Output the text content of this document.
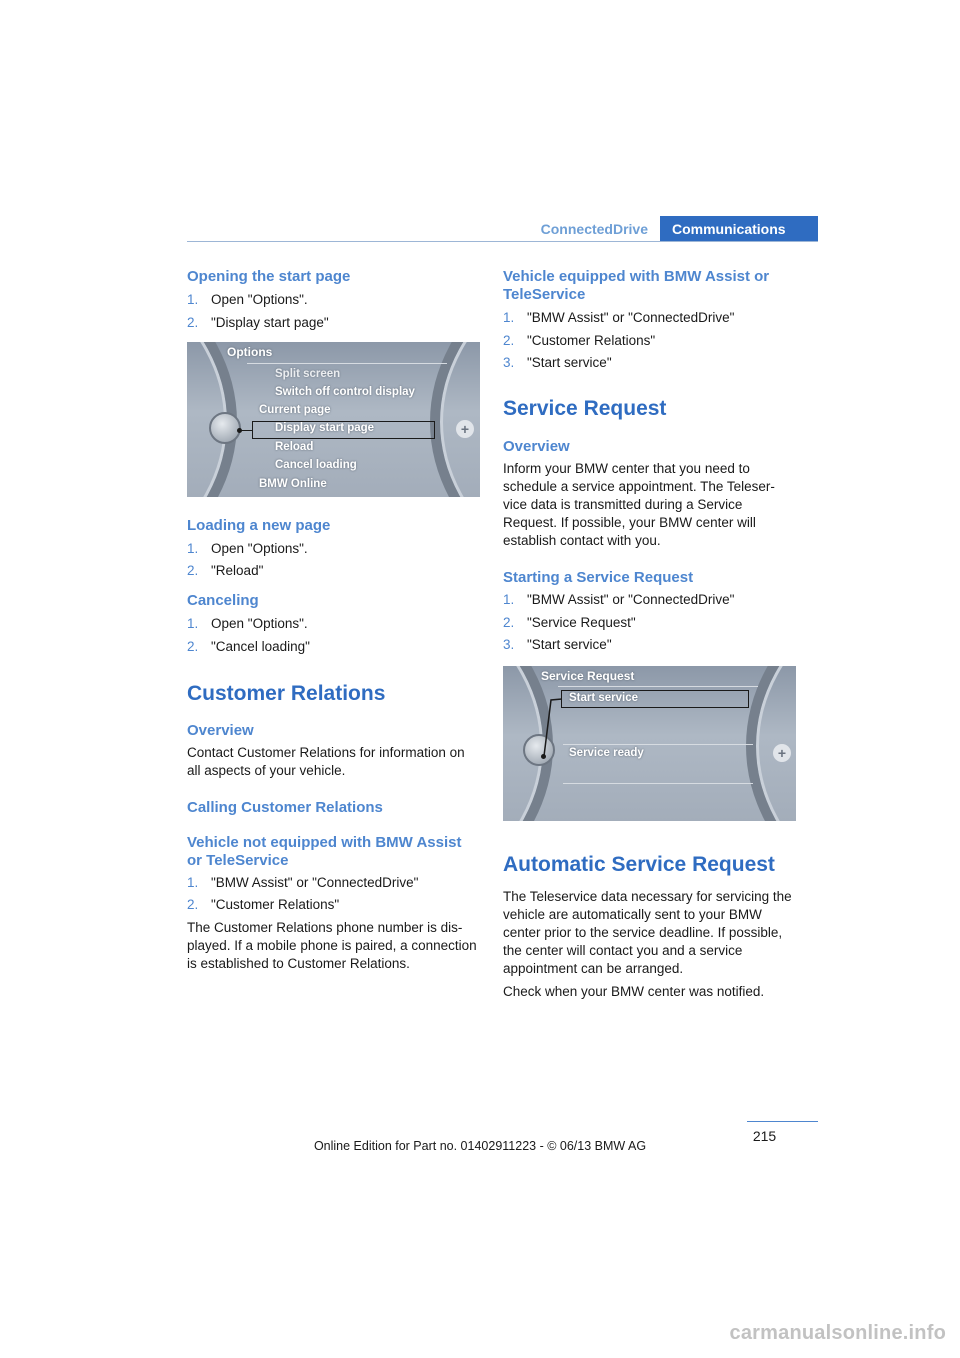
ConnectedDrive	Communications
Opening the start page
1. Open "Options".
2. "Display start page"
+
Options
Split screen
Switch off control display
Current page
Display start page
Reload
Cancel loading
BMW Online
Loading a new page
1. Open "Options".
2. "Reload"
Canceling
1. Open "Options".
2. "Cancel loading"
Customer Relations
Overview

Contact Customer Relations for information on all aspects of your vehicle.

Calling Customer Relations
Vehicle not equipped with BMW Assist or TeleService
1. "BMW Assist" or "ConnectedDrive"
2. "Customer Relations"

The Customer Relations phone number is dis-played. If a mobile phone is paired, a connection is established to Customer Relations.

Vehicle equipped with BMW Assist or TeleService
1. "BMW Assist" or "ConnectedDrive"
2. "Customer Relations"
3. "Start service"
Service Request
Overview

Inform your BMW center that you need to schedule a service appointment. The Teleser-vice data is transmitted during a Service Request. If possible, your BMW center will establish contact with you.

Starting a Service Request
1. "BMW Assist" or "ConnectedDrive"
2. "Service Request"
3. "Start service"
+
Service Request
Start service
Service ready
Automatic Service Request

The Teleservice data necessary for servicing the vehicle are automatically sent to your BMW center prior to the service deadline. If possible, the center will contact you and a service appointment can be arranged.

Check when your BMW center was notified.

215
Online Edition for Part no. 01402911223 - © 06/13 BMW AG
carmanualsonline.info
